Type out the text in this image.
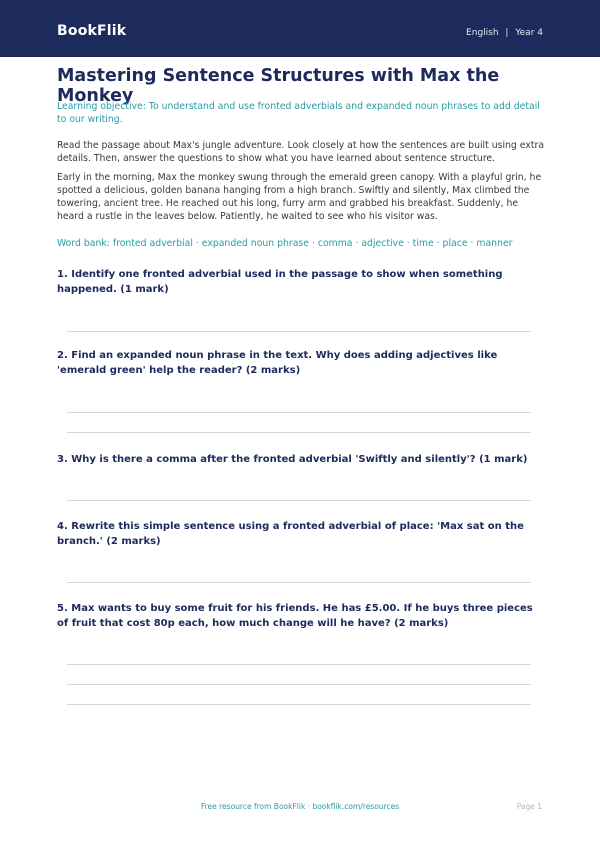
BookFlik	English | Year 4
Mastering Sentence Structures with Max the Monkey

Learning objective: To understand and use fronted adverbials and expanded noun phrases to add detail to our writing.

Read the passage about Max's jungle adventure. Look closely at how the sentences are built using extra details. Then, answer the questions to show what you have learned about sentence structure.

Early in the morning, Max the monkey swung through the emerald green canopy. With a playful grin, he spotted a delicious, golden banana hanging from a high branch. Swiftly and silently, Max climbed the towering, ancient tree. He reached out his long, furry arm and grabbed his breakfast. Suddenly, he heard a rustle in the leaves below. Patiently, he waited to see who his visitor was.

Word bank: fronted adverbial · expanded noun phrase · comma · adjective · time · place · manner

1. Identify one fronted adverbial used in the passage to show when something happened. (1 mark)

2. Find an expanded noun phrase in the text. Why does adding adjectives like 'emerald green' help the reader? (2 marks)

3. Why is there a comma after the fronted adverbial 'Swiftly and silently'? (1 mark)

4. Rewrite this simple sentence using a fronted adverbial of place: 'Max sat on the branch.' (2 marks)

5. Max wants to buy some fruit for his friends. He has £5.00. If he buys three pieces of fruit that cost 80p each, how much change will he have? (2 marks)

Free resource from BookFlik · bookflik.com/resources	Page 1
